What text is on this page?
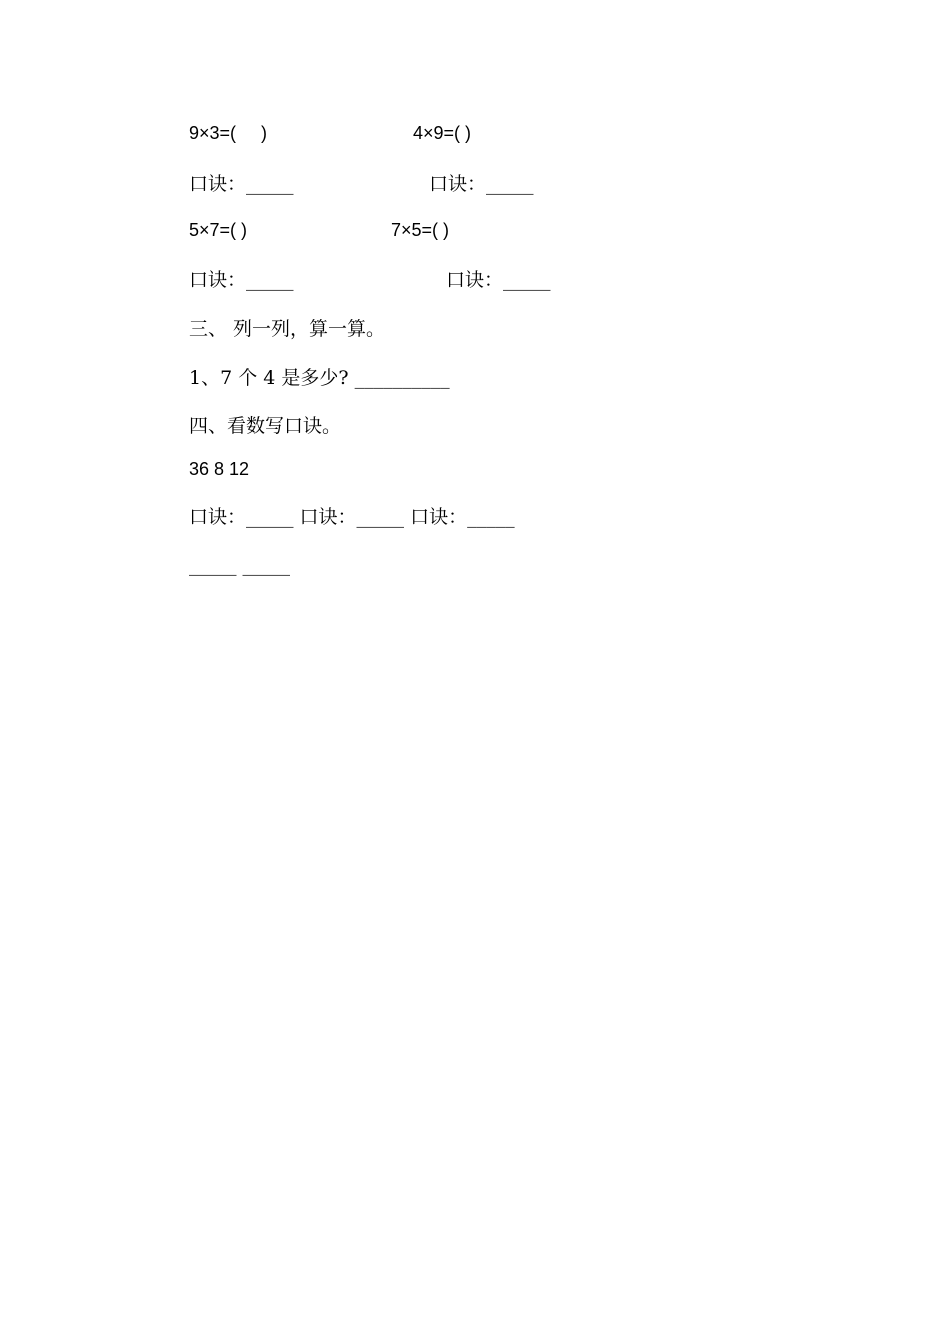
9×3=(     )	4×9=( )
口诀：_____	口诀：_____
5×7=( )	7×5=( )
口诀：_____	口诀：_____
三、 列一列，算一算。
1、7 个 4 是多少? __________
四、看数写口诀。
36 8 12
口诀：_____ 口诀：_____ 口诀：_____
_____ _____
